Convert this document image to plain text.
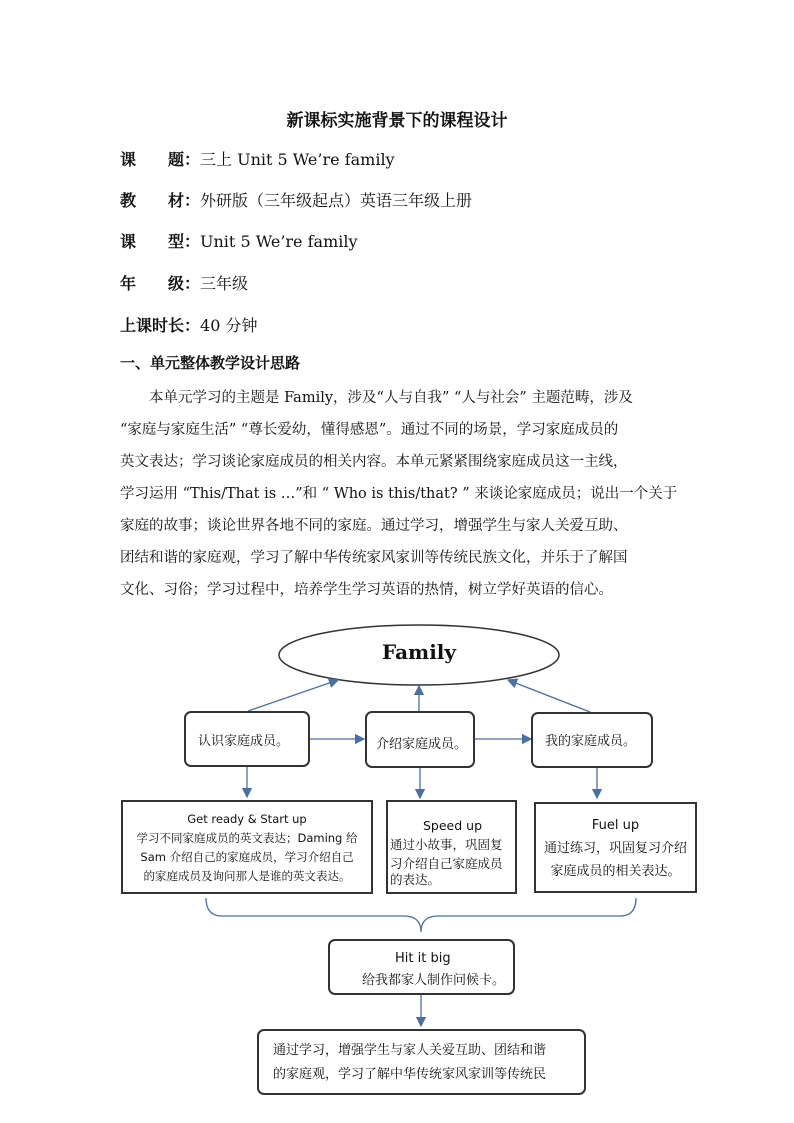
新课标实施背景下的课程设计
课　　题：三上 Unit 5 We’re family
教　　材：外研版（三年级起点）英语三年级上册
课　　型：Unit 5 We’re family
年　　级：三年级
上课时长：40 分钟
一、单元整体教学设计思路

　　本单元学习的主题是 Family，涉及“人与自我” “人与社会” 主题范畴，涉及

“家庭与家庭生活” “尊长爱幼，懂得感恩”。通过不同的场景，学习家庭成员的

英文表达；学习谈论家庭成员的相关内容。本单元紧紧围绕家庭成员这一主线，

学习运用 “This/That is …”和 “ Who is this/that? ” 来谈论家庭成员；说出一个关于

家庭的故事；谈论世界各地不同的家庭。通过学习，增强学生与家人关爱互助、

团结和谐的家庭观，学习了解中华传统家风家训等传统民族文化，并乐于了解国

文化、习俗；学习过程中，培养学生学习英语的热情，树立学好英语的信心。

Family
认识家庭成员。	介绍家庭成员。	我的家庭成员。
Get ready & Start up
学习不同家庭成员的英文表达；Daming 给
Sam 介绍自己的家庭成员，学习介绍自己
的家庭成员及询问那人是谁的英文表达。
Speed up
通过小故事，巩固复
习介绍自己家庭成员
的表达。
Fuel up
通过练习，巩固复习介绍
家庭成员的相关表达。
Hit it big
给我都家人制作问候卡。
通过学习，增强学生与家人关爱互助、团结和谐
的家庭观，学习了解中华传统家风家训等传统民
